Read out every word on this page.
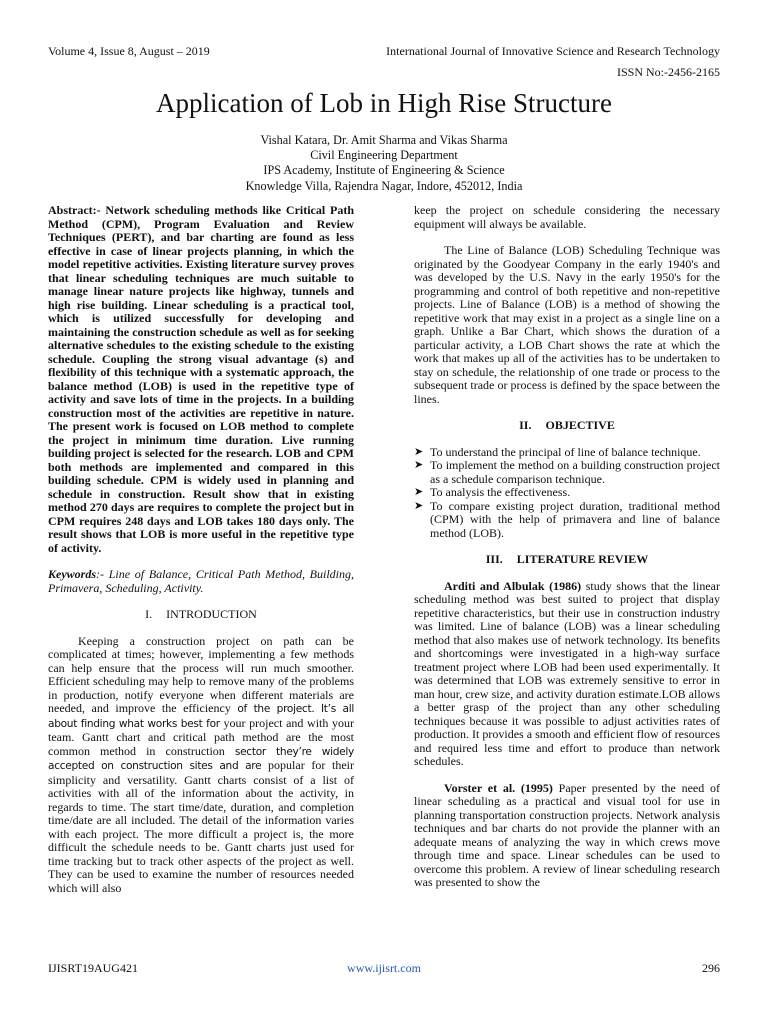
Volume 4, Issue 8, August – 2019	International Journal of Innovative Science and Research Technology
ISSN No:-2456-2165
Application of Lob in High Rise Structure
Vishal Katara, Dr. Amit Sharma and Vikas Sharma
Civil Engineering Department
IPS Academy, Institute of Engineering & Science
Knowledge Villa, Rajendra Nagar, Indore, 452012, India

Abstract:- Network scheduling methods like Critical Path Method (CPM), Program Evaluation and Review Techniques (PERT), and bar charting are found as less effective in case of linear projects planning, in which the model repetitive activities. Existing literature survey proves that linear scheduling techniques are much suitable to manage linear nature projects like highway, tunnels and high rise building. Linear scheduling is a practical tool, which is utilized successfully for developing and maintaining the construction schedule as well as for seeking alternative schedules to the existing schedule to the existing schedule. Coupling the strong visual advantage (s) and flexibility of this technique with a systematic approach, the balance method (LOB) is used in the repetitive type of activity and save lots of time in the projects. In a building construction most of the activities are repetitive in nature. The present work is focused on LOB method to complete the project in minimum time duration. Live running building project is selected for the research. LOB and CPM both methods are implemented and compared in this building schedule. CPM is widely used in planning and schedule in construction. Result show that in existing method 270 days are requires to complete the project but in CPM requires 248 days and LOB takes 180 days only. The result shows that LOB is more useful in the repetitive type of activity.

Keywords:- Line of Balance, Critical Path Method, Building, Primavera, Scheduling, Activity.

I. INTRODUCTION

Keeping a construction project on path can be complicated at times; however, implementing a few methods can help ensure that the process will run much smoother. Efficient scheduling may help to remove many of the problems in production, notify everyone when different materials are needed, and improve the efficiency of the project. It’s all about finding what works best for your project and with your team. Gantt chart and critical path method are the most common method in construction sector they’re widely accepted on construction sites and are popular for their simplicity and versatility. Gantt charts consist of a list of activities with all of the information about the activity, in regards to time. The start time/date, duration, and completion time/date are all included. The detail of the information varies with each project. The more difficult a project is, the more difficult the schedule needs to be. Gantt charts just used for time tracking but to track other aspects of the project as well. They can be used to examine the number of resources needed which will also

keep the project on schedule considering the necessary equipment will always be available.

The Line of Balance (LOB) Scheduling Technique was originated by the Goodyear Company in the early 1940's and was developed by the U.S. Navy in the early 1950's for the programming and control of both repetitive and non-repetitive projects. Line of Balance (LOB) is a method of showing the repetitive work that may exist in a project as a single line on a graph. Unlike a Bar Chart, which shows the duration of a particular activity, a LOB Chart shows the rate at which the work that makes up all of the activities has to be undertaken to stay on schedule, the relationship of one trade or process to the subsequent trade or process is defined by the space between the lines.

II. OBJECTIVE

➤ To understand the principal of line of balance technique.
➤ To implement the method on a building construction project as a schedule comparison technique.
➤ To analysis the effectiveness.
➤ To compare existing project duration, traditional method (CPM) with the help of primavera and line of balance method (LOB).

III. LITERATURE REVIEW

Arditi and Albulak (1986) study shows that the linear scheduling method was best suited to project that display repetitive characteristics, but their use in construction industry was limited. Line of balance (LOB) was a linear scheduling method that also makes use of network technology. Its benefits and shortcomings were investigated in a high-way surface treatment project where LOB had been used experimentally. It was determined that LOB was extremely sensitive to error in man hour, crew size, and activity duration estimate.LOB allows a better grasp of the project than any other scheduling techniques because it was possible to adjust activities rates of production. It provides a smooth and efficient flow of resources and required less time and effort to produce than network schedules.

Vorster et al. (1995) Paper presented by the need of linear scheduling as a practical and visual tool for use in planning transportation construction projects. Network analysis techniques and bar charts do not provide the planner with an adequate means of analyzing the way in which crews move through time and space. Linear schedules can be used to overcome this problem. A review of linear scheduling research was presented to show the

IJISRT19AUG421	www.ijisrt.com	296
